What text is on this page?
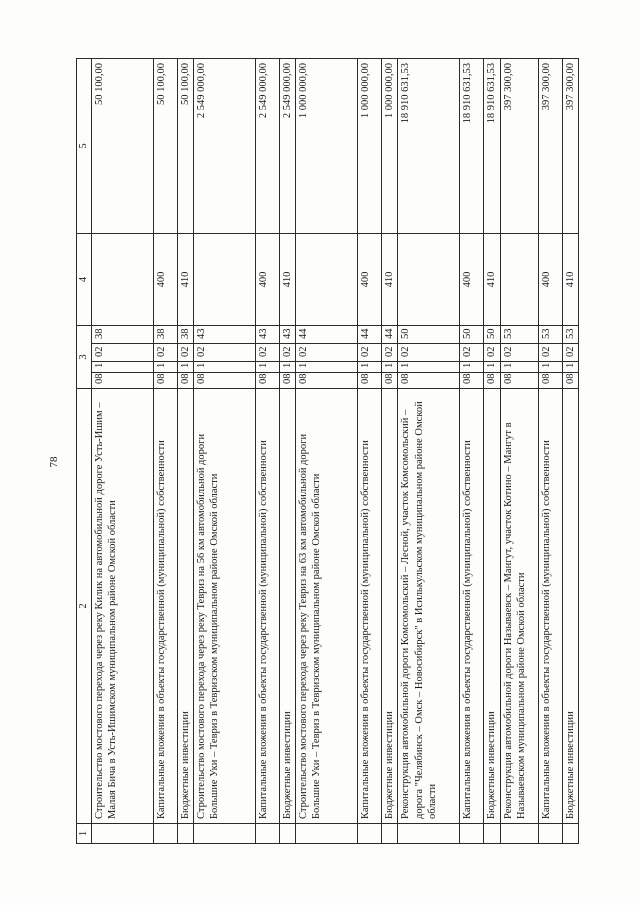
78
1	2	3				4	5
	Строительство мостового перехода через реку Килик на автомобильной дороге Усть-Ишим – Малая Бича в Усть-Ишимском муниципальном районе Омской области	08	1	02	38		50 100,00
	Капитальные вложения в объекты государственной (муниципальной) собственности	08	1	02	38	400	50 100,00
	Бюджетные инвестиции	08	1	02	38	410	50 100,00
	Строительство мостового перехода через реку Тевриз на 56 км автомобильной дороги Большие Уки – Тевриз в Тевризском муниципальном районе Омской области	08	1	02	43		2 549 000,00
	Капитальные вложения в объекты государственной (муниципальной) собственности	08	1	02	43	400	2 549 000,00
	Бюджетные инвестиции	08	1	02	43	410	2 549 000,00
	Строительство мостового перехода через реку Тевриз на 63 км автомобильной дороги Большие Уки – Тевриз в Тевризском муниципальном районе Омской области	08	1	02	44		1 000 000,00
	Капитальные вложения в объекты государственной (муниципальной) собственности	08	1	02	44	400	1 000 000,00
	Бюджетные инвестиции	08	1	02	44	410	1 000 000,00
	Реконструкция автомобильной дороги Комсомольский – Лесной, участок Комсомольский – дорога "Челябинск – Омск – Новосибирск" в Исилькульском муниципальном районе Омской области	08	1	02	50		18 910 631,53
	Капитальные вложения в объекты государственной (муниципальной) собственности	08	1	02	50	400	18 910 631,53
	Бюджетные инвестиции	08	1	02	50	410	18 910 631,53
	Реконструкция автомобильной дороги Называевск – Мангут, участок Котино – Мангут в Называевском муниципальном районе Омской области	08	1	02	53		397 300,00
	Капитальные вложения в объекты государственной (муниципальной) собственности	08	1	02	53	400	397 300,00
	Бюджетные инвестиции	08	1	02	53	410	397 300,00
